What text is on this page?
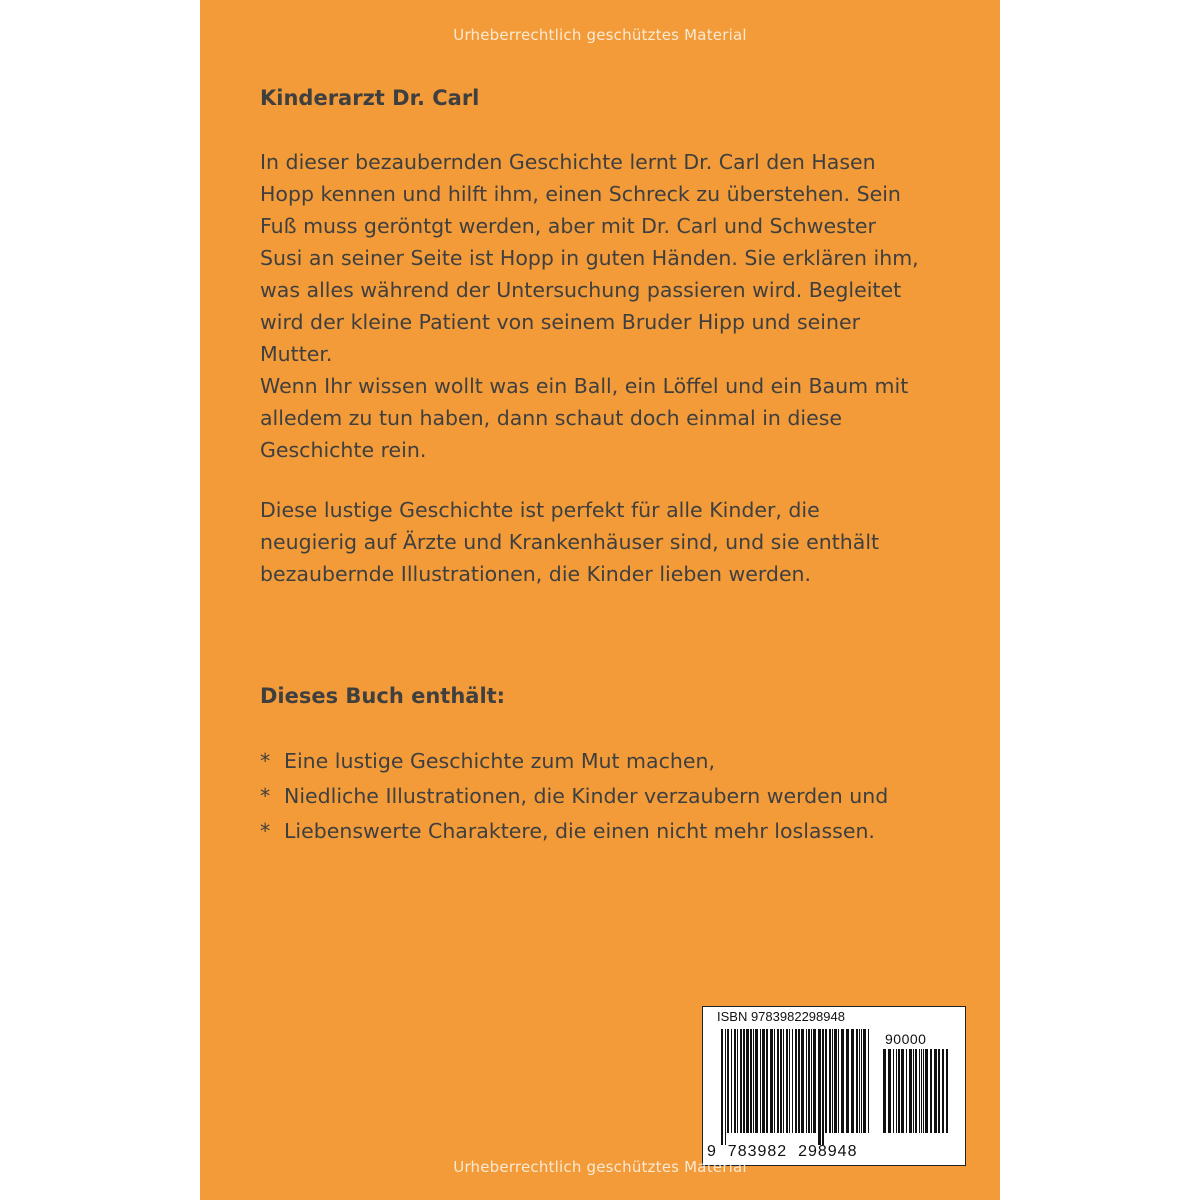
Urheberrechtlich geschütztes Material
Kinderarzt Dr. Carl

In dieser bezaubernden Geschichte lernt Dr. Carl den Hasen
Hopp kennen und hilft ihm, einen Schreck zu überstehen. Sein
Fuß muss geröntgt werden, aber mit Dr. Carl und Schwester
Susi an seiner Seite ist Hopp in guten Händen. Sie erklären ihm,
was alles während der Untersuchung passieren wird. Begleitet
wird der kleine Patient von seinem Bruder Hipp und seiner
Mutter.
Wenn Ihr wissen wollt was ein Ball, ein Löffel und ein Baum mit
alledem zu tun haben, dann schaut doch einmal in diese
Geschichte rein.

Diese lustige Geschichte ist perfekt für alle Kinder, die
neugierig auf Ärzte und Krankenhäuser sind, und sie enthält
bezaubernde Illustrationen, die Kinder lieben werden.

Dieses Buch enthält:
* Eine lustige Geschichte zum Mut machen,
* Niedliche Illustrationen, die Kinder verzaubern werden und
* Liebenswerte Charaktere, die einen nicht mehr loslassen.
ISBN 9783982298948
90000
9 783982 298948
Urheberrechtlich geschütztes Material
